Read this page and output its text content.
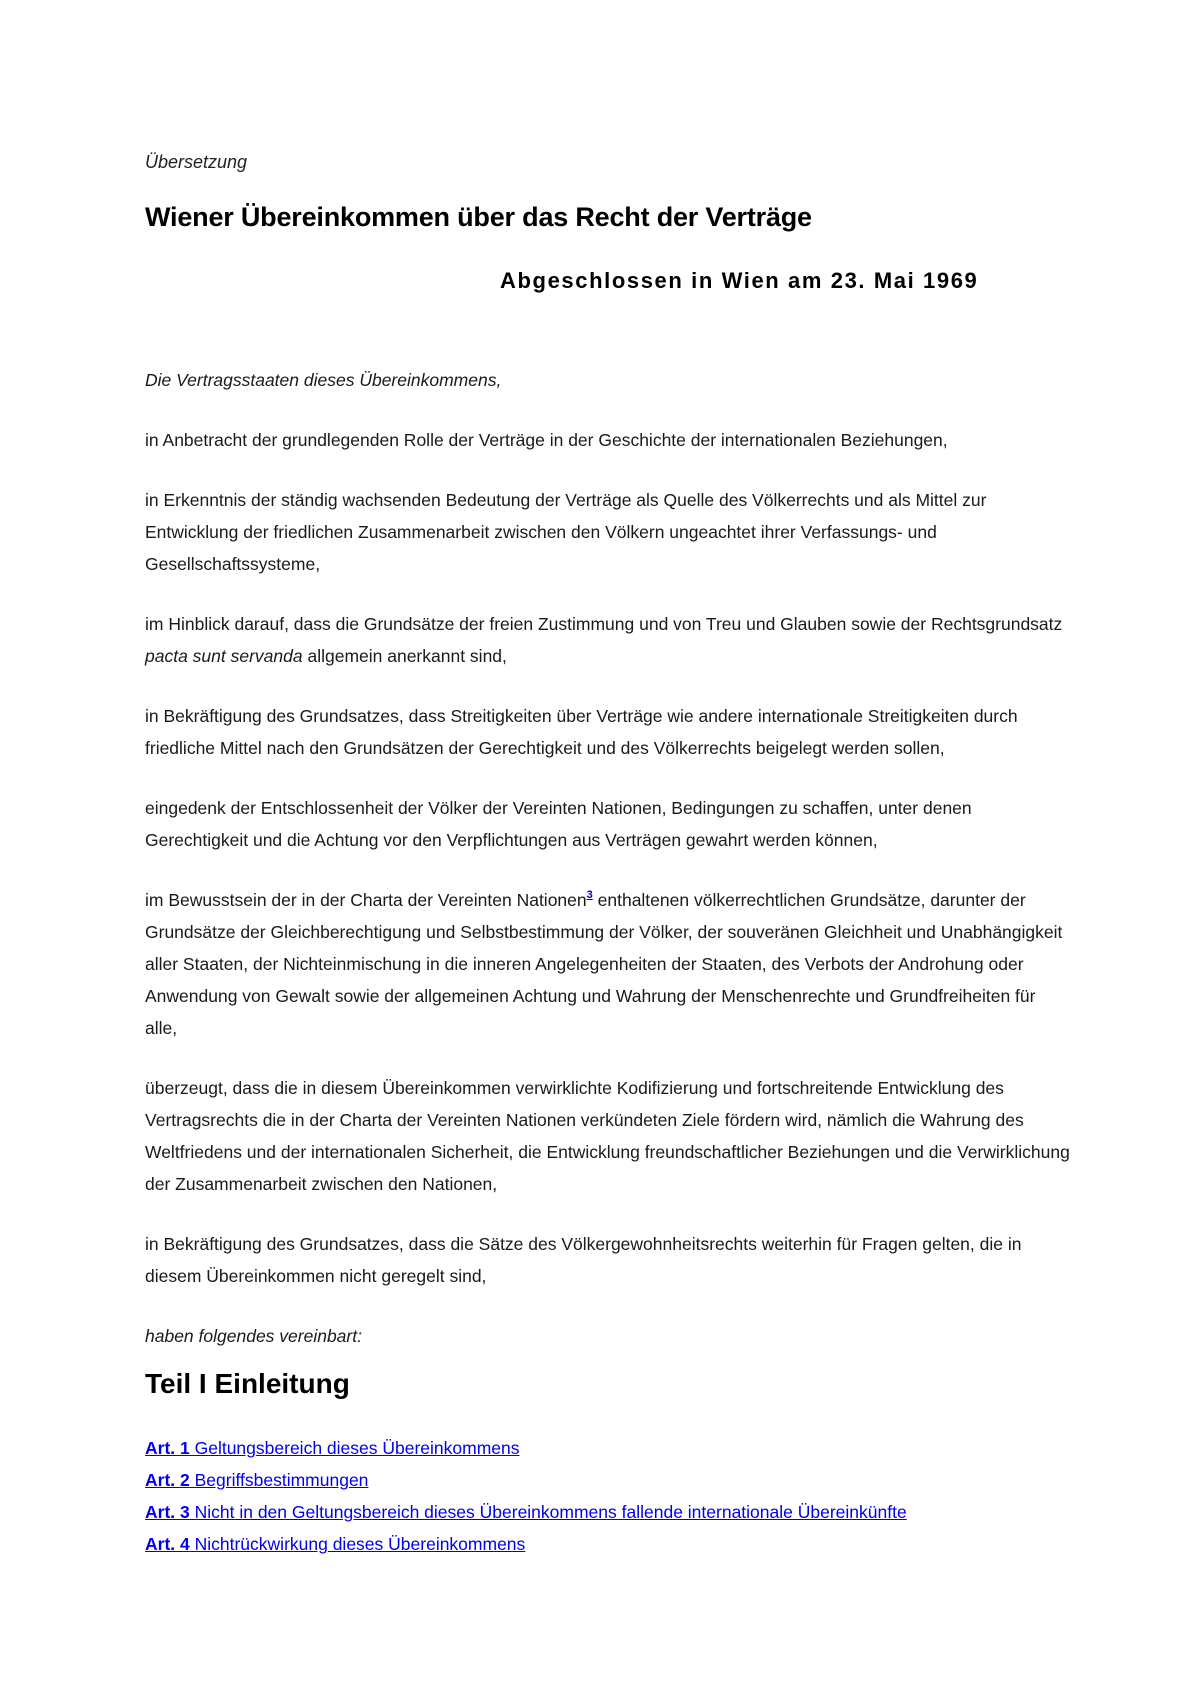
Übersetzung
Wiener Übereinkommen über das Recht der Verträge
Abgeschlossen in Wien am 23. Mai 1969

Die Vertragsstaaten dieses Übereinkommens,

in Anbetracht der grundlegenden Rolle der Verträge in der Geschichte der internationalen Beziehungen,

in Erkenntnis der ständig wachsenden Bedeutung der Verträge als Quelle des Völkerrechts und als Mittel zur Entwicklung der friedlichen Zusammenarbeit zwischen den Völkern ungeachtet ihrer Verfassungs- und Gesellschaftssysteme,

im Hinblick darauf, dass die Grundsätze der freien Zustimmung und von Treu und Glauben sowie der Rechtsgrundsatz pacta sunt servanda allgemein anerkannt sind,

in Bekräftigung des Grundsatzes, dass Streitigkeiten über Verträge wie andere internationale Streitigkeiten durch friedliche Mittel nach den Grundsätzen der Gerechtigkeit und des Völkerrechts beigelegt werden sollen,

eingedenk der Entschlossenheit der Völker der Vereinten Nationen, Bedingungen zu schaffen, unter denen Gerechtigkeit und die Achtung vor den Verpflichtungen aus Verträgen gewahrt werden können,

im Bewusstsein der in der Charta der Vereinten Nationen$^3$ enthaltenen völkerrechtlichen Grundsätze, darunter der Grundsätze der Gleichberechtigung und Selbstbestimmung der Völker, der souveränen Gleichheit und Unabhängigkeit aller Staaten, der Nichteinmischung in die inneren Angelegenheiten der Staaten, des Verbots der Androhung oder Anwendung von Gewalt sowie der allgemeinen Achtung und Wahrung der Menschenrechte und Grundfreiheiten für alle,

überzeugt, dass die in diesem Übereinkommen verwirklichte Kodifizierung und fortschreitende Entwicklung des Vertragsrechts die in der Charta der Vereinten Nationen verkündeten Ziele fördern wird, nämlich die Wahrung des Weltfriedens und der internationalen Sicherheit, die Entwicklung freundschaftlicher Beziehungen und die Verwirklichung der Zusammenarbeit zwischen den Nationen,

in Bekräftigung des Grundsatzes, dass die Sätze des Völkergewohnheitsrechts weiterhin für Fragen gelten, die in diesem Übereinkommen nicht geregelt sind,

haben folgendes vereinbart:

Teil I Einleitung
Art. 1 Geltungsbereich dieses Übereinkommens
Art. 2 Begriffsbestimmungen
Art. 3 Nicht in den Geltungsbereich dieses Übereinkommens fallende internationale Übereinkünfte
Art. 4 Nichtrückwirkung dieses Übereinkommens
